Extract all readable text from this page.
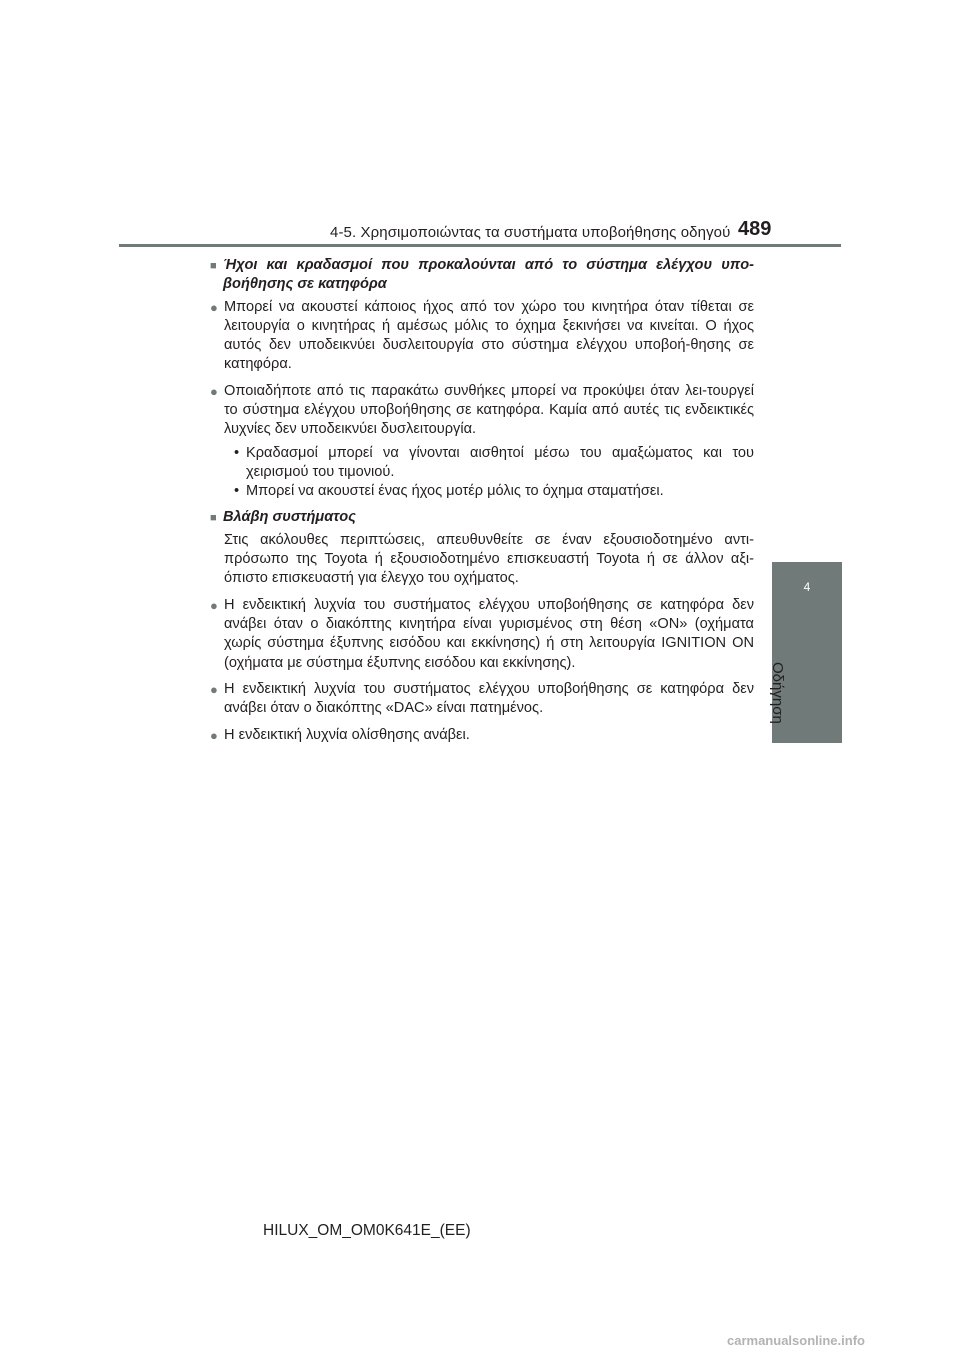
4-5. Χρησιμοποιώντας τα συστήματα υποβοήθησης οδηγού 489
4
Οδήγηση
■ Ήχοι και κραδασμοί που προκαλούνται από το σύστημα ελέγχου υπο-βοήθησης σε κατηφόρα
● Μπορεί να ακουστεί κάποιος ήχος από τον χώρο του κινητήρα όταν τίθεται σε λειτουργία ο κινητήρας ή αμέσως μόλις το όχημα ξεκινήσει να κινείται. Ο ήχος αυτός δεν υποδεικνύει δυσλειτουργία στο σύστημα ελέγχου υποβοή-θησης σε κατηφόρα.
● Οποιαδήποτε από τις παρακάτω συνθήκες μπορεί να προκύψει όταν λει-τουργεί το σύστημα ελέγχου υποβοήθησης σε κατηφόρα. Καμία από αυτές τις ενδεικτικές λυχνίες δεν υποδεικνύει δυσλειτουργία.
• Κραδασμοί μπορεί να γίνονται αισθητοί μέσω του αμαξώματος και του χειρισμού του τιμονιού.
• Μπορεί να ακουστεί ένας ήχος μοτέρ μόλις το όχημα σταματήσει.
■ Βλάβη συστήματος
Στις ακόλουθες περιπτώσεις, απευθυνθείτε σε έναν εξουσιοδοτημένο αντι-πρόσωπο της Toyota ή εξουσιοδοτημένο επισκευαστή Toyota ή σε άλλον αξι-όπιστο επισκευαστή για έλεγχο του οχήματος.
● Η ενδεικτική λυχνία του συστήματος ελέγχου υποβοήθησης σε κατηφόρα δεν ανάβει όταν ο διακόπτης κινητήρα είναι γυρισμένος στη θέση «ON» (οχήματα χωρίς σύστημα έξυπνης εισόδου και εκκίνησης) ή στη λειτουργία IGNITION ON (οχήματα με σύστημα έξυπνης εισόδου και εκκίνησης).
● Η ενδεικτική λυχνία του συστήματος ελέγχου υποβοήθησης σε κατηφόρα δεν ανάβει όταν ο διακόπτης «DAC» είναι πατημένος.
● Η ενδεικτική λυχνία ολίσθησης ανάβει.
HILUX_OM_OM0K641E_(EE)
carmanualsonline.info
